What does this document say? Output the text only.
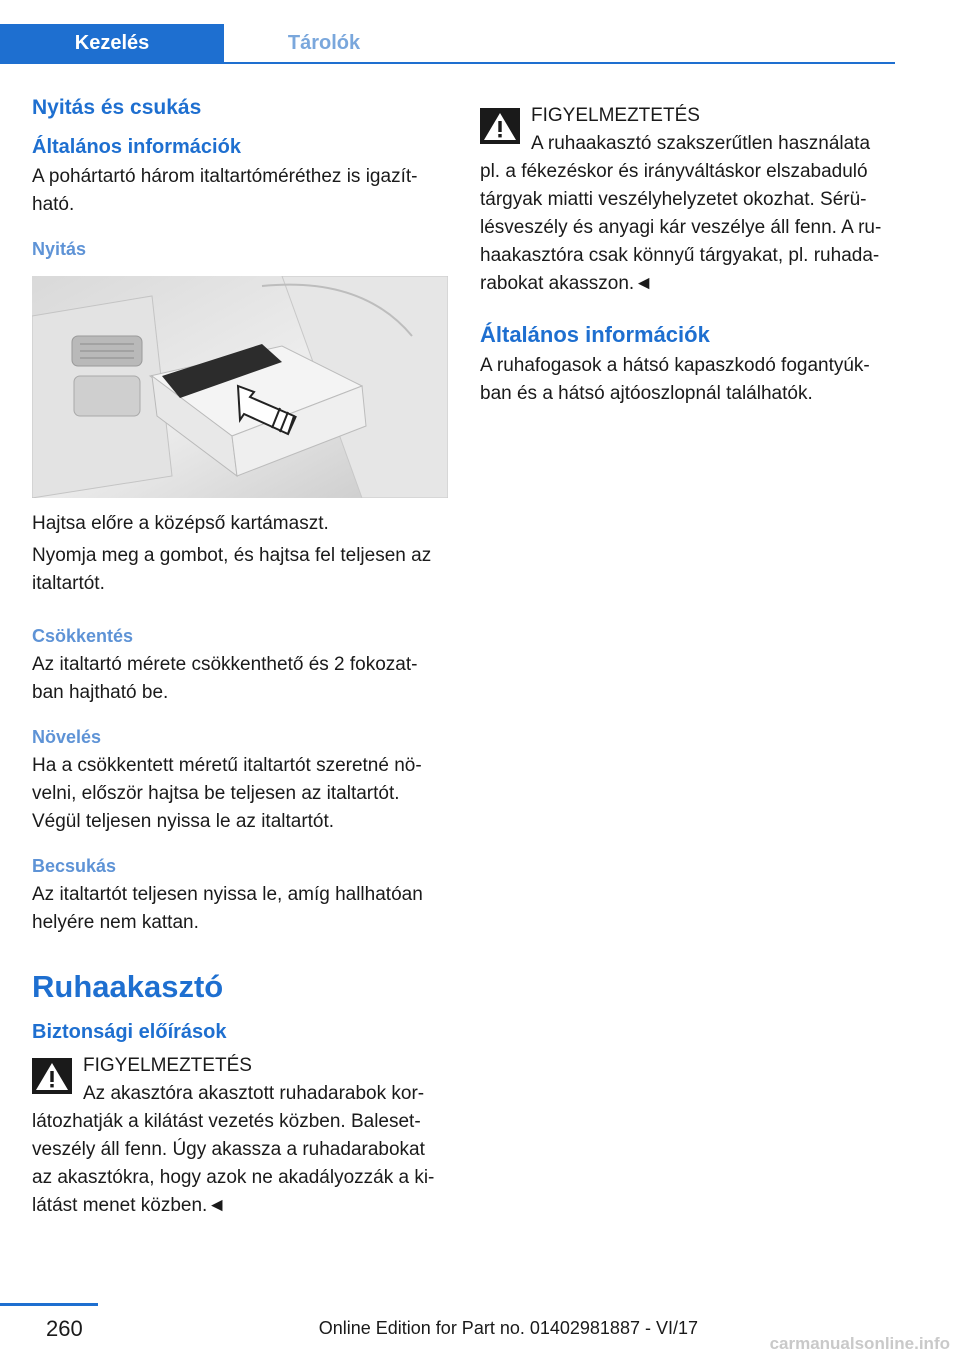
Kezelés	Tárolók
Nyitás és csukás
Általános információk

A pohártartó három italtartóméréthez is igazít-ható.

Nyitás

Hajtsa előre a középső kartámaszt.

Nyomja meg a gombot, és hajtsa fel teljesen az italtartót.

Csökkentés

Az italtartó mérete csökkenthető és 2 fokozat-ban hajtható be.

Növelés

Ha a csökkentett méretű italtartót szeretné nö-velni, először hajtsa be teljesen az italtartót. Végül teljesen nyissa le az italtartót.

Becsukás

Az italtartót teljesen nyissa le, amíg hallhatóan helyére nem kattan.

Ruhaakasztó
Biztonsági előírások

FIGYELMEZTETÉS

Az akasztóra akasztott ruhadarabok kor-

látozhatják a kilátást vezetés közben. Baleset-veszély áll fenn. Úgy akassza a ruhadarabokat az akasztókra, hogy azok ne akadályozzák a ki-látást menet közben.◄

FIGYELMEZTETÉS

A ruhaakasztó szakszerűtlen használata

pl. a fékezéskor és irányváltáskor elszabaduló tárgyak miatti veszélyhelyzetet okozhat. Sérü-lésveszély és anyagi kár veszélye áll fenn. A ru-haakasztóra csak könnyű tárgyakat, pl. ruhada-rabokat akasszon.◄

Általános információk

A ruhafogasok a hátsó kapaszkodó fogantyúk-ban és a hátsó ajtóoszlopnál találhatók.

260	Online Edition for Part no. 01402981887 - VI/17
carmanualsonline.info
